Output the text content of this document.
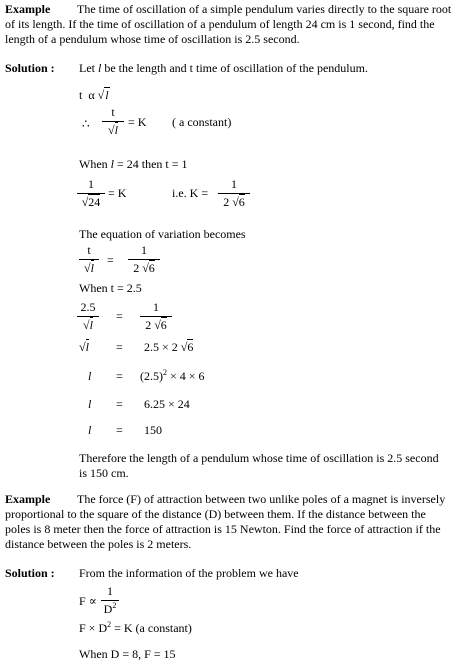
Example The time of oscillation of a simple pendulum varies directly to the square root
of its length. If the time of oscillation of a pendulum of length 24 cm is 1 second, find the
length of a pendulum whose time of oscillation is 2.5 second.
Solution : Let l be the length and t time of oscillation of the pendulum.
t α √l
∴
t
√l
= K ( a constant)
When l = 24 then t = 1
1
√24
= K	i.e. K =
1
2 √6
The equation of variation becomes
t
√l
=
1
2 √6
When t = 2.5
2.5
√l
=
1
2 √6
√l = 2.5 × 2 √6
$l = (2.5)^2 \times 4 \times 6$
l = 6.25 × 24
l = 150
Therefore the length of a pendulum whose time of oscillation is 2.5 second
is 150 cm.
Example The force (F) of attraction between two unlike poles of a magnet is inversely
proportional to the square of the distance (D) between them. If the distance between the
poles is 8 meter then the force of attraction is 15 Newton. Find the force of attraction if the
distance between the poles is 2 meters.
Solution : From the information of the problem we have
F ∝
1
$D^2$
$F \times D^2 = K$ (a constant)
When D = 8, F = 15
